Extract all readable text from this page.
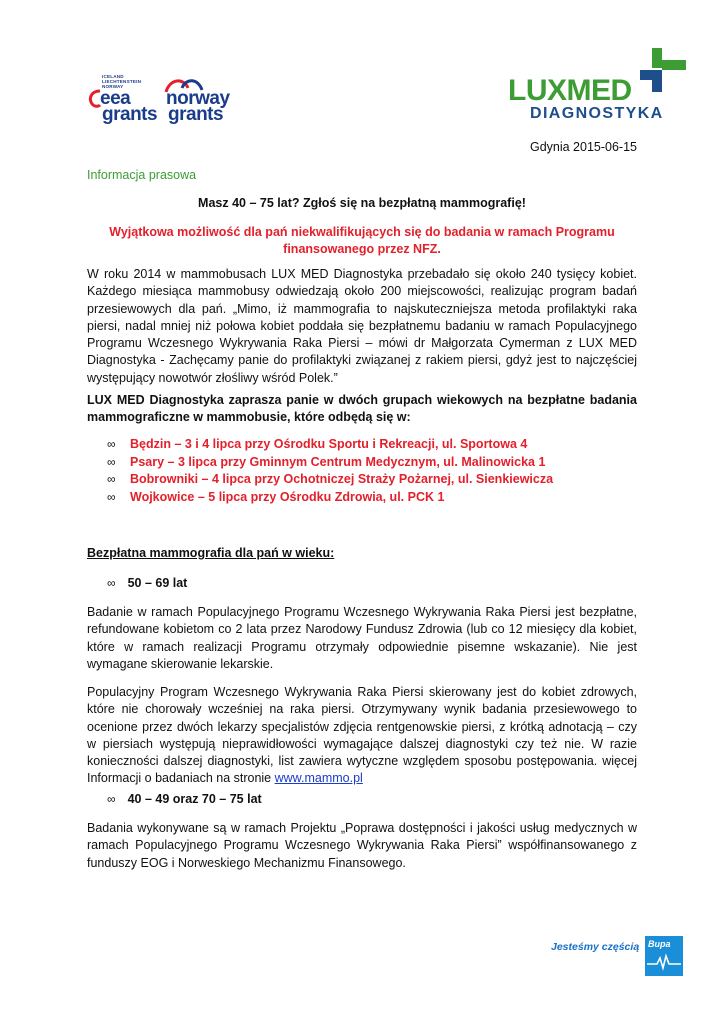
ICELAND
LIECHTENSTEIN
NORWAY
eea
grants
norway
grants
LUXMED
DIAGNOSTYKA
Gdynia 2015-06-15
Informacja prasowa
Masz 40 – 75 lat? Zgłoś się na bezpłatną mammografię!
Wyjątkowa możliwość dla pań niekwalifikujących się do badania w ramach Programu finansowanego przez NFZ.
W roku 2014 w mammobusach LUX MED Diagnostyka przebadało się około 240 tysięcy kobiet. Każdego miesiąca mammobusy odwiedzają około 200 miejscowości, realizując program badań przesiewowych dla pań. „Mimo, iż mammografia to najskuteczniejsza metoda profilaktyki raka piersi, nadal mniej niż połowa kobiet poddała się bezpłatnemu badaniu w ramach Populacyjnego Programu Wczesnego Wykrywania Raka Piersi – mówi dr Małgorzata Cymerman z LUX MED Diagnostyka - Zachęcamy panie do profilaktyki związanej z rakiem piersi, gdyż jest to najczęściej występujący nowotwór złośliwy wśród Polek.”
LUX MED Diagnostyka zaprasza panie w dwóch grupach wiekowych na bezpłatne badania mammograficzne w mammobusie, które odbędą się w:
∞ Będzin – 3 i 4 lipca przy Ośrodku Sportu i Rekreacji, ul. Sportowa 4
∞ Psary – 3 lipca przy Gminnym Centrum Medycznym, ul. Malinowicka 1
∞ Bobrowniki – 4 lipca przy Ochotniczej Straży Pożarnej, ul. Sienkiewicza
∞ Wojkowice – 5 lipca przy Ośrodku Zdrowia, ul. PCK 1
Bezpłatna mammografia dla pań w wieku:
∞ 50 – 69 lat
Badanie w ramach Populacyjnego Programu Wczesnego Wykrywania Raka Piersi jest bezpłatne, refundowane kobietom co 2 lata przez Narodowy Fundusz Zdrowia (lub co 12 miesięcy dla kobiet, które w ramach realizacji Programu otrzymały odpowiednie pisemne wskazanie). Nie jest wymagane skierowanie lekarskie.
Populacyjny Program Wczesnego Wykrywania Raka Piersi skierowany jest do kobiet zdrowych, które nie chorowały wcześniej na raka piersi. Otrzymywany wynik badania przesiewowego to ocenione przez dwóch lekarzy specjalistów zdjęcia rentgenowskie piersi, z krótką adnotacją – czy w piersiach występują nieprawidłowości wymagające dalszej diagnostyki czy też nie. W razie konieczności dalszej diagnostyki, list zawiera wytyczne względem sposobu postępowania. więcej Informacji o badaniach na stronie www.mammo.pl
∞ 40 – 49 oraz 70 – 75 lat
Badania wykonywane są w ramach Projektu „Poprawa dostępności i jakości usług medycznych w ramach Populacyjnego Programu Wczesnego Wykrywania Raka Piersi” współfinansowanego z funduszy EOG i Norweskiego Mechanizmu Finansowego.
Jesteśmy częścią Bupa
